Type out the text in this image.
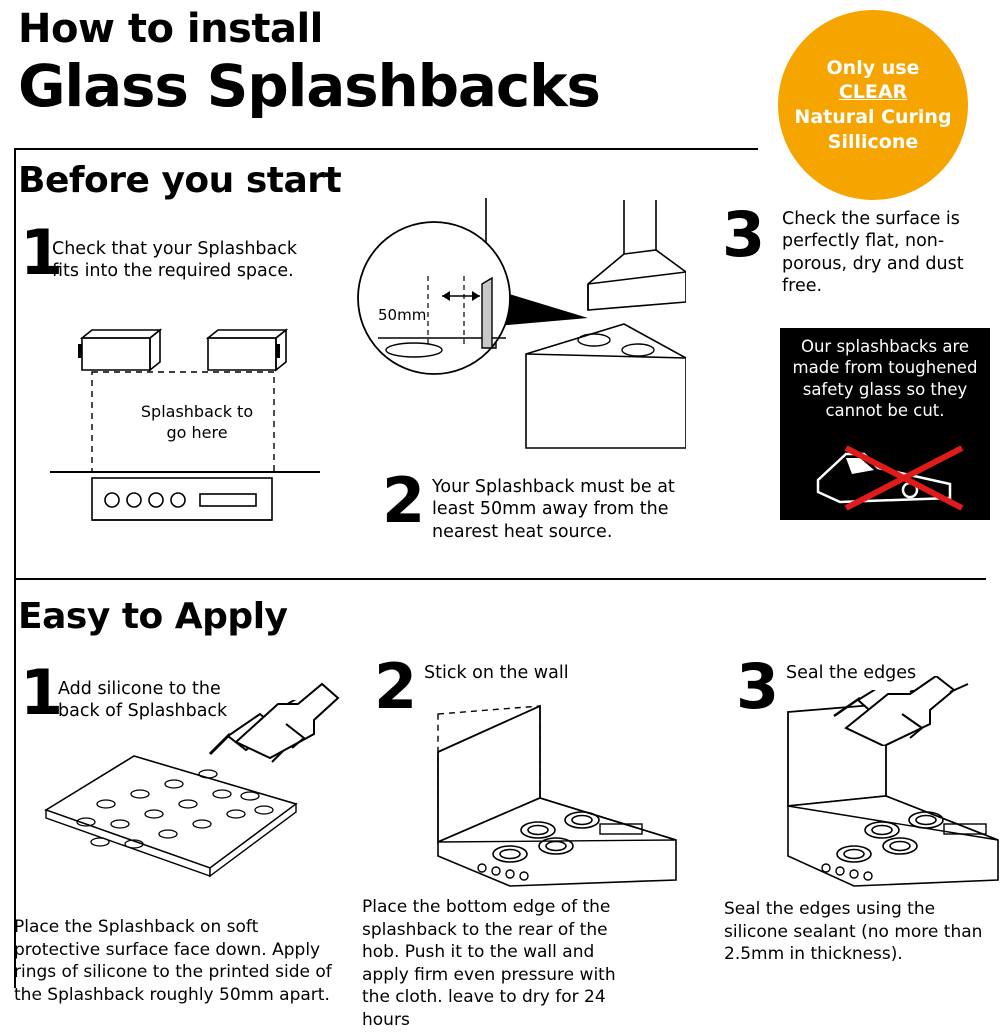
How to install
Glass Splashbacks	Only use CLEAR
Natural Curing
Sillicone
Before you start
1
Check that your Splashback fits into the required space.
Splashback to
go here
50mm
2 Your Splashback must be at least 50mm away from the nearest heat source.
3 Check the surface is perfectly flat, non-porous, dry and dust free.
Our splashbacks are made from toughened safety glass so they cannot be cut.
Easy to Apply
1
Add silicone to the back of Splashback
Place the Splashback on soft protective surface face down. Apply rings of silicone to the printed side of the Splashback roughly 50mm apart.
2 Stick on the wall
Place the bottom edge of the splashback to the rear of the hob. Push it to the wall and apply firm even pressure with the cloth. leave to dry for 24 hours
3 Seal the edges
Seal the edges using the silicone sealant (no more than 2.5mm in thickness).
